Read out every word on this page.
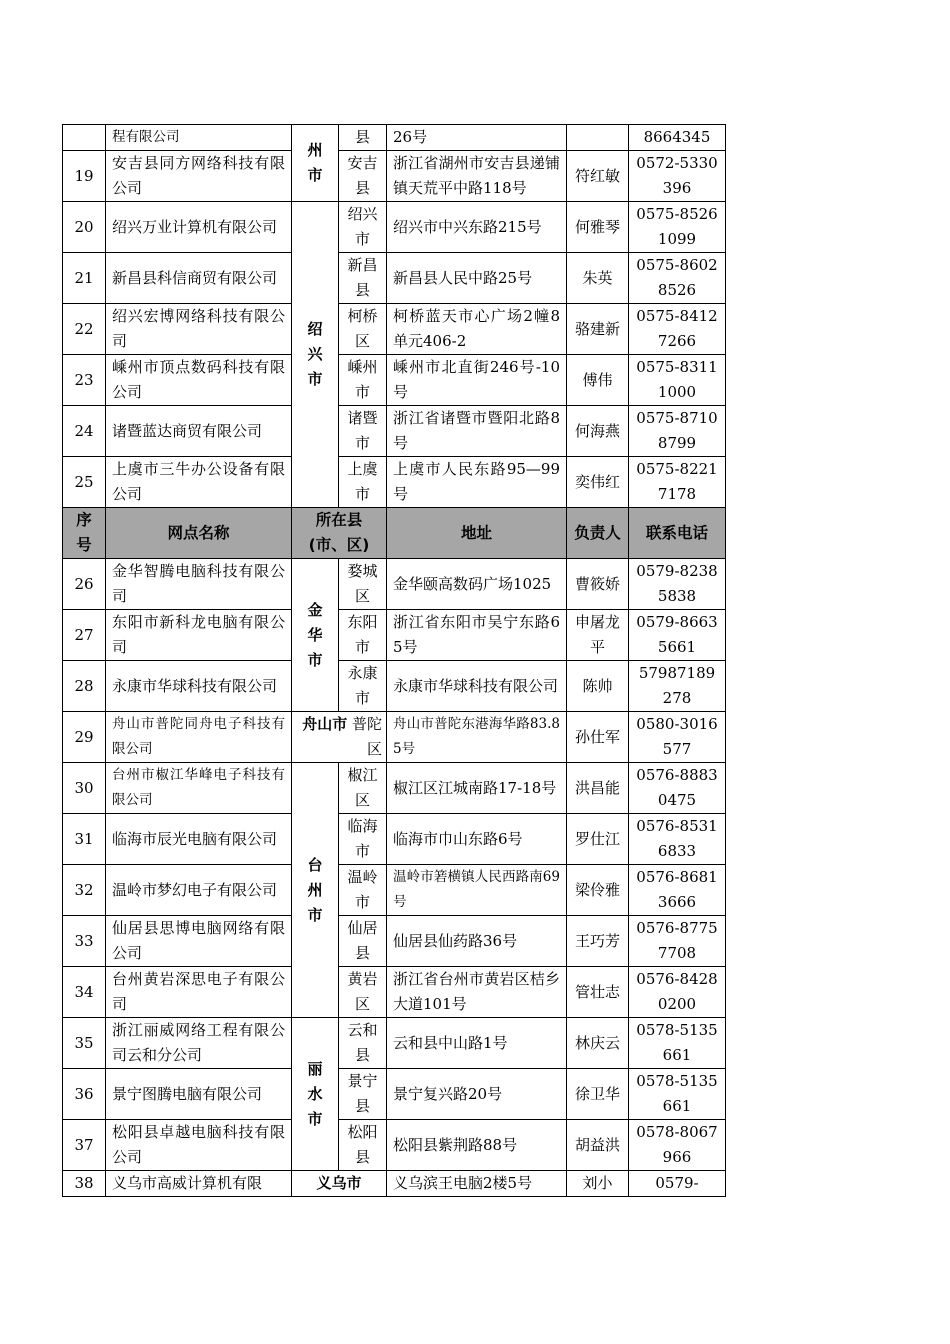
	程有限公司	州市	县	26号		8664345
19	安吉县同方网络科技有限公司		安吉县	浙江省湖州市安吉县递铺镇天荒平中路118号	符红敏	0572-5330396
20	绍兴万业计算机有限公司	绍兴市	绍兴市	绍兴市中兴东路215号	何雅琴	0575-85261099
21	新昌县科信商贸有限公司		新昌县	新昌县人民中路25号	朱英	0575-86028526
22	绍兴宏博网络科技有限公司		柯桥区	柯桥蓝天市心广场2幢8单元406-2	骆建新	0575-84127266
23	嵊州市顶点数码科技有限公司		嵊州市	嵊州市北直街246号-10号	傅伟	0575-83111000
24	诸暨蓝达商贸有限公司		诸暨市	浙江省诸暨市暨阳北路8号	何海燕	0575-87108799
25	上虞市三牛办公设备有限公司		上虞市	上虞市人民东路95—99号	奕伟红	0575-82217178
序号	网点名称	所在县(市、区)		地址	负责人	联系电话
26	金华智腾电脑科技有限公司	金华市	婺城区	金华颐高数码广场1025	曹筱娇	0579-82385838
27	东阳市新科龙电脑有限公司		东阳市	浙江省东阳市吴宁东路65号	申屠龙平	0579-86635661
28	永康市华球科技有限公司		永康市	永康市华球科技有限公司	陈帅	57987189278
29	舟山市普陀同舟电子科技有限公司	舟山市 普陀区		舟山市普陀东港海华路83.85号	孙仕军	0580-3016577
30	台州市椒江华峰电子科技有限公司	台州市	椒江区	椒江区江城南路17-18号	洪昌能	0576-88830475
31	临海市辰光电脑有限公司		临海市	临海市巾山东路6号	罗仕江	0576-85316833
32	温岭市梦幻电子有限公司		温岭市	温岭市箬横镇人民西路南69号	梁伶雅	0576-86813666
33	仙居县思博电脑网络有限公司		仙居县	仙居县仙药路36号	王巧芳	0576-87757708
34	台州黄岩深思电子有限公司		黄岩区	浙江省台州市黄岩区桔乡大道101号	管壮志	0576-84280200
35	浙江丽威网络工程有限公司云和分公司	丽水市	云和县	云和县中山路1号	林庆云	0578-5135661
36	景宁图腾电脑有限公司		景宁县	景宁复兴路20号	徐卫华	0578-5135661
37	松阳县卓越电脑科技有限公司		松阳县	松阳县紫荆路88号	胡益洪	0578-8067966
38	义乌市高威计算机有限	义乌市		义乌滨王电脑2楼5号	刘小	0579-
